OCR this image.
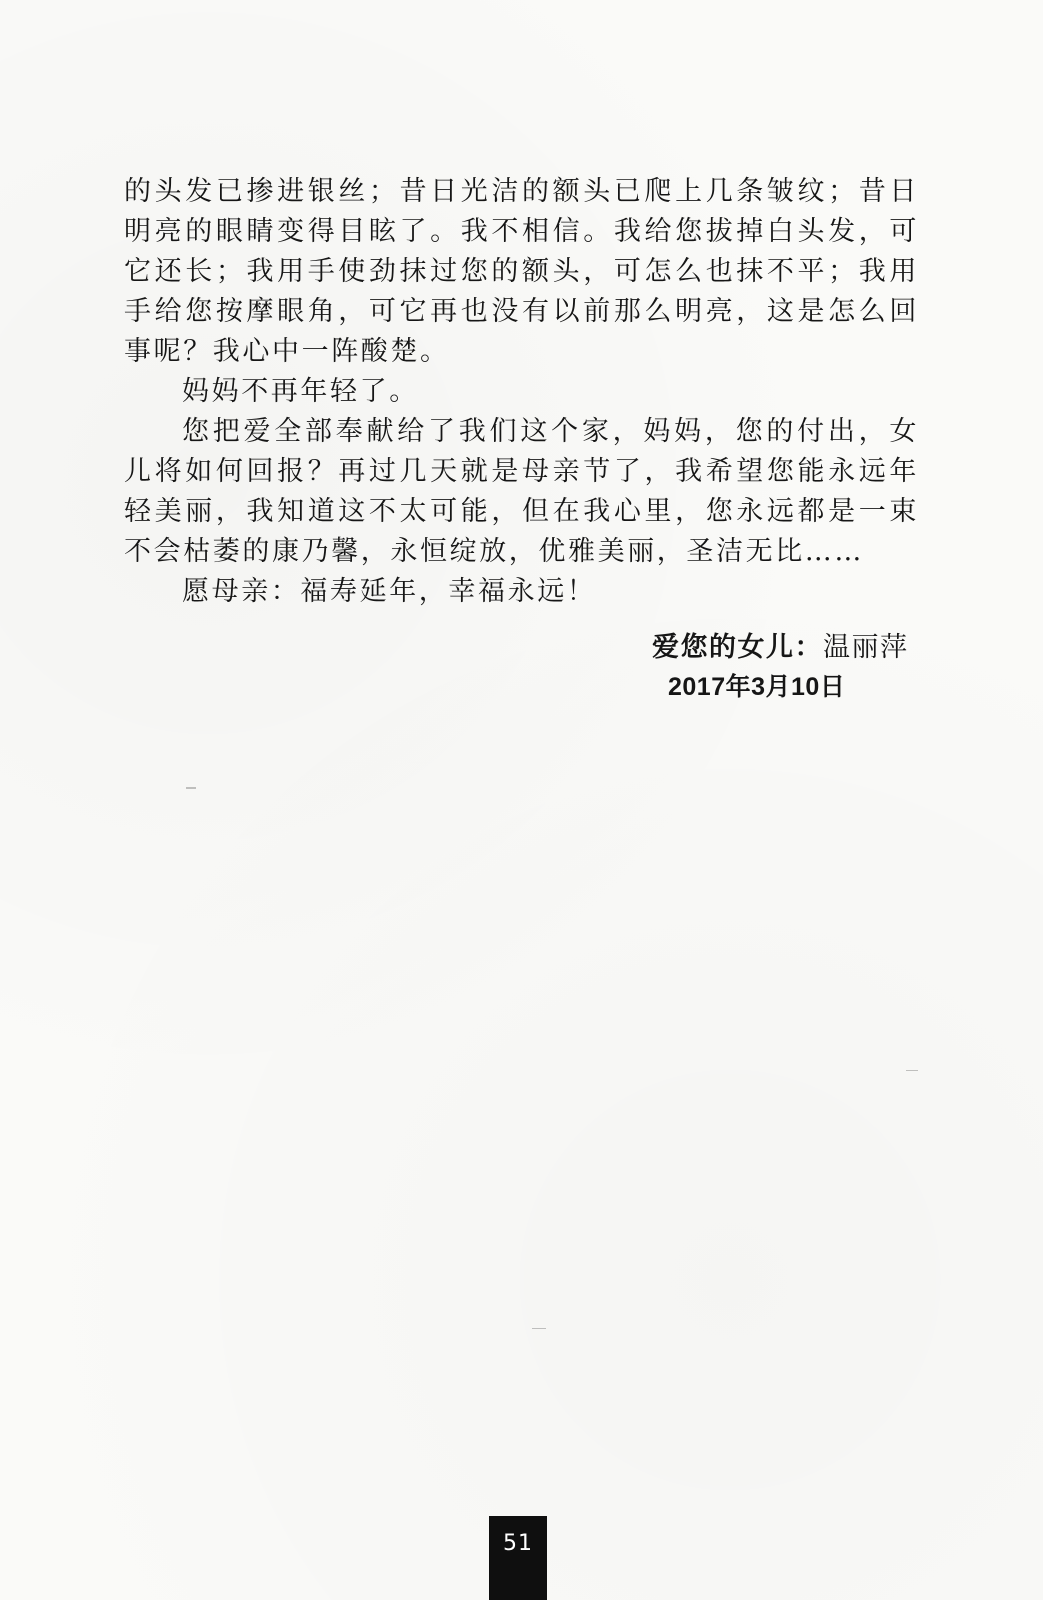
的头发已掺进银丝；昔日光洁的额头已爬上几条皱纹；昔日明亮的眼睛变得目眩了。我不相信。我给您拔掉白头发，可它还长；我用手使劲抹过您的额头，可怎么也抹不平；我用手给您按摩眼角，可它再也没有以前那么明亮，这是怎么回事呢？我心中一阵酸楚。

妈妈不再年轻了。

您把爱全部奉献给了我们这个家，妈妈，您的付出，女儿将如何回报？再过几天就是母亲节了，我希望您能永远年轻美丽，我知道这不太可能，但在我心里，您永远都是一束不会枯萎的康乃馨，永恒绽放，优雅美丽，圣洁无比……

愿母亲：福寿延年，幸福永远！

爱您的女儿：温丽萍
2017年3月10日
51
